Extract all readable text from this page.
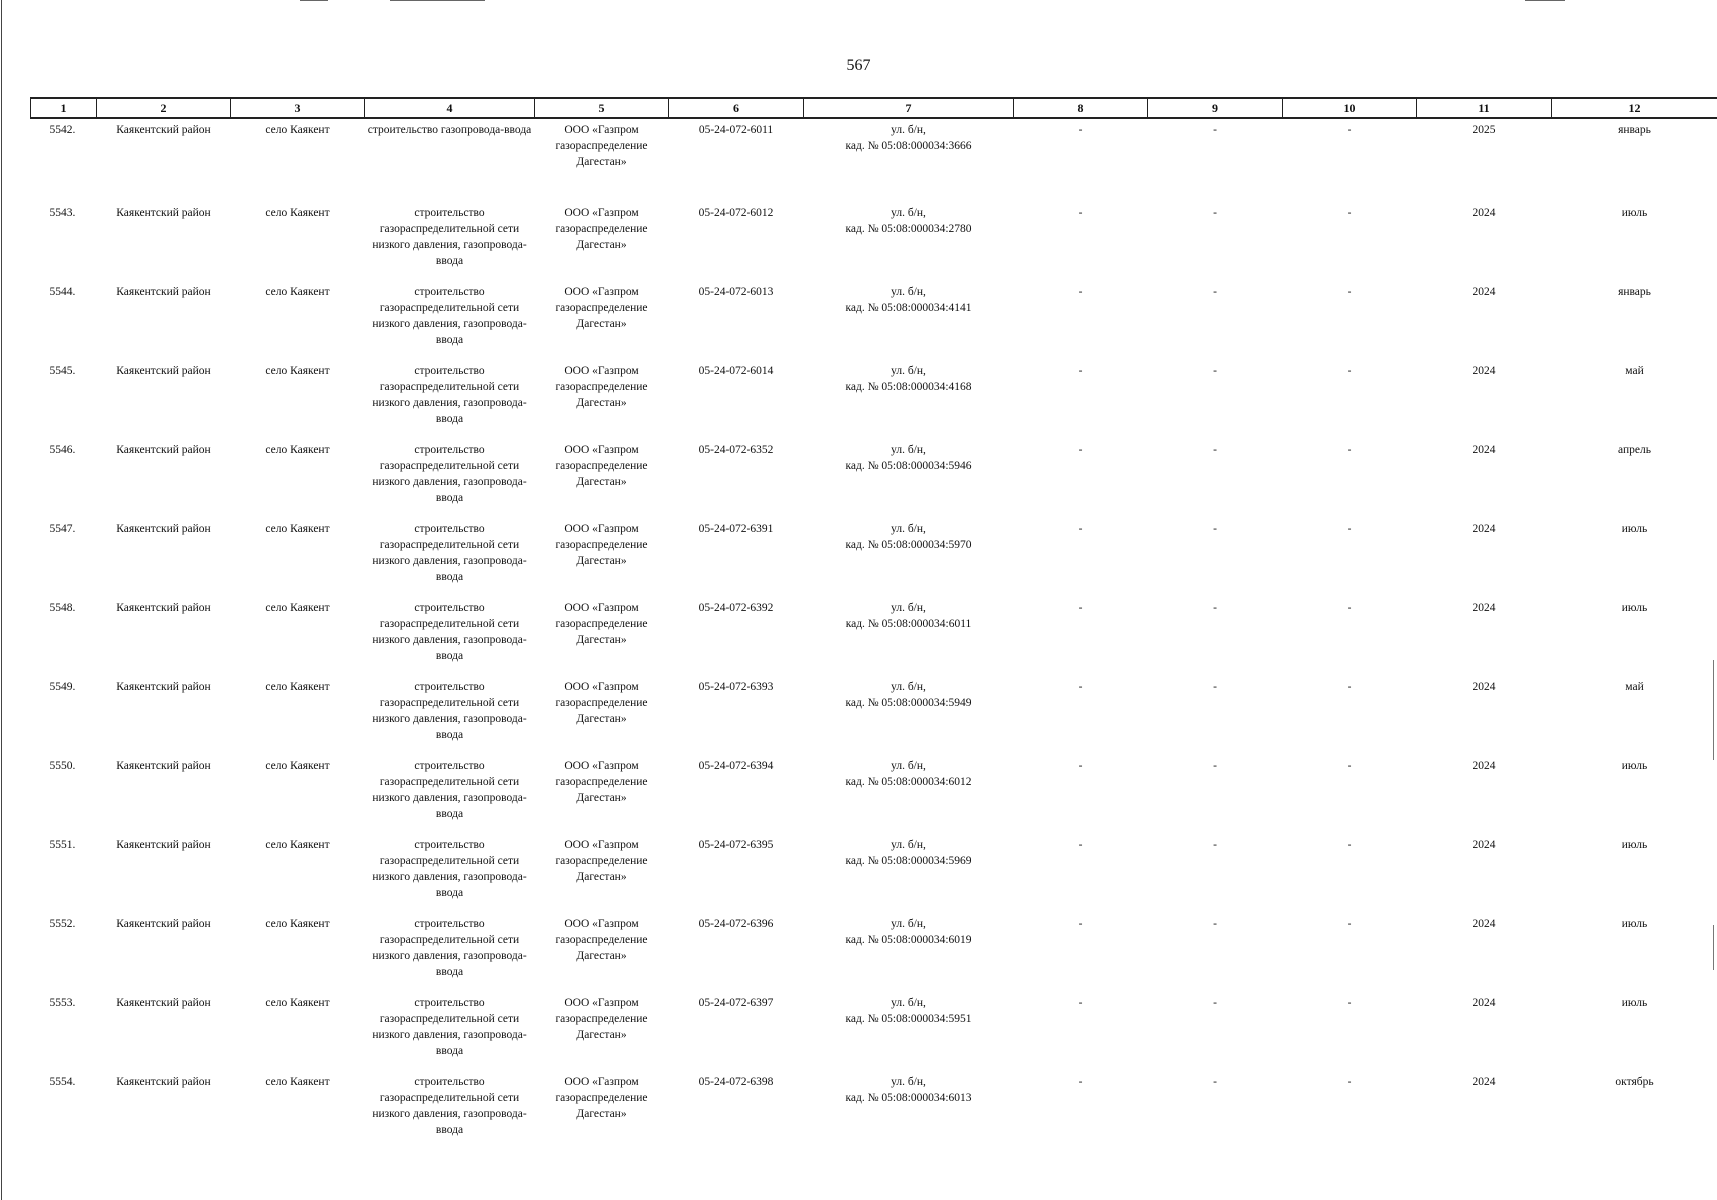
567
1	2	3	4	5	6	7	8	9	10	11	12
5542.	Каякентский район	село Каякент	строительство газопровода-ввода	ООО «Газпром газораспределение Дагестан»	05-24-072-6011	ул. б/н,
кад. № 05:08:000034:3666	-	-	-	2025	январь
5543.	Каякентский район	село Каякент	строительство газораспределительной сети низкого давления, газопровода-ввода	ООО «Газпром газораспределение Дагестан»	05-24-072-6012	ул. б/н,
кад. № 05:08:000034:2780	-	-	-	2024	июль
5544.	Каякентский район	село Каякент	строительство газораспределительной сети низкого давления, газопровода-ввода	ООО «Газпром газораспределение Дагестан»	05-24-072-6013	ул. б/н,
кад. № 05:08:000034:4141	-	-	-	2024	январь
5545.	Каякентский район	село Каякент	строительство газораспределительной сети низкого давления, газопровода-ввода	ООО «Газпром газораспределение Дагестан»	05-24-072-6014	ул. б/н,
кад. № 05:08:000034:4168	-	-	-	2024	май
5546.	Каякентский район	село Каякент	строительство газораспределительной сети низкого давления, газопровода-ввода	ООО «Газпром газораспределение Дагестан»	05-24-072-6352	ул. б/н,
кад. № 05:08:000034:5946	-	-	-	2024	апрель
5547.	Каякентский район	село Каякент	строительство газораспределительной сети низкого давления, газопровода-ввода	ООО «Газпром газораспределение Дагестан»	05-24-072-6391	ул. б/н,
кад. № 05:08:000034:5970	-	-	-	2024	июль
5548.	Каякентский район	село Каякент	строительство газораспределительной сети низкого давления, газопровода-ввода	ООО «Газпром газораспределение Дагестан»	05-24-072-6392	ул. б/н,
кад. № 05:08:000034:6011	-	-	-	2024	июль
5549.	Каякентский район	село Каякент	строительство газораспределительной сети низкого давления, газопровода-ввода	ООО «Газпром газораспределение Дагестан»	05-24-072-6393	ул. б/н,
кад. № 05:08:000034:5949	-	-	-	2024	май
5550.	Каякентский район	село Каякент	строительство газораспределительной сети низкого давления, газопровода-ввода	ООО «Газпром газораспределение Дагестан»	05-24-072-6394	ул. б/н,
кад. № 05:08:000034:6012	-	-	-	2024	июль
5551.	Каякентский район	село Каякент	строительство газораспределительной сети низкого давления, газопровода-ввода	ООО «Газпром газораспределение Дагестан»	05-24-072-6395	ул. б/н,
кад. № 05:08:000034:5969	-	-	-	2024	июль
5552.	Каякентский район	село Каякент	строительство газораспределительной сети низкого давления, газопровода-ввода	ООО «Газпром газораспределение Дагестан»	05-24-072-6396	ул. б/н,
кад. № 05:08:000034:6019	-	-	-	2024	июль
5553.	Каякентский район	село Каякент	строительство газораспределительной сети низкого давления, газопровода-ввода	ООО «Газпром газораспределение Дагестан»	05-24-072-6397	ул. б/н,
кад. № 05:08:000034:5951	-	-	-	2024	июль
5554.	Каякентский район	село Каякент	строительство газораспределительной сети низкого давления, газопровода-ввода	ООО «Газпром газораспределение Дагестан»	05-24-072-6398	ул. б/н,
кад. № 05:08:000034:6013	-	-	-	2024	октябрь
